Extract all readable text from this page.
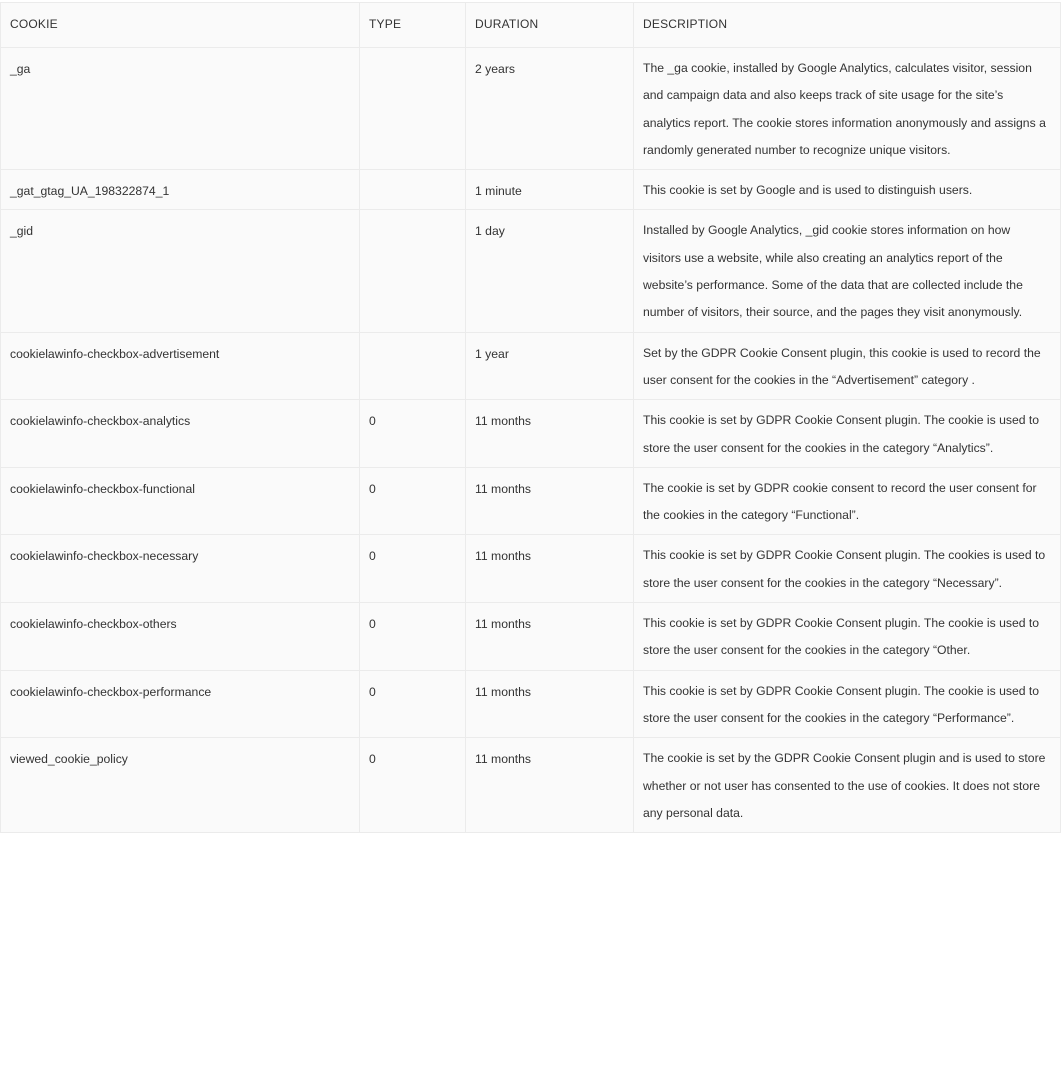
COOKIE	TYPE	DURATION	DESCRIPTION
_ga		2 years	The _ga cookie, installed by Google Analytics, calculates visitor, session and campaign data and also keeps track of site usage for the site’s analytics report. The cookie stores information anonymously and assigns a randomly generated number to recognize unique visitors.
_gat_gtag_UA_198322874_1		1 minute	This cookie is set by Google and is used to distinguish users.
_gid		1 day	Installed by Google Analytics, _gid cookie stores information on how visitors use a website, while also creating an analytics report of the website’s performance. Some of the data that are collected include the number of visitors, their source, and the pages they visit anonymously.
cookielawinfo-checkbox-advertisement		1 year	Set by the GDPR Cookie Consent plugin, this cookie is used to record the user consent for the cookies in the “Advertisement” category .
cookielawinfo-checkbox-analytics	0	11 months	This cookie is set by GDPR Cookie Consent plugin. The cookie is used to store the user consent for the cookies in the category “Analytics”.
cookielawinfo-checkbox-functional	0	11 months	The cookie is set by GDPR cookie consent to record the user consent for the cookies in the category “Functional”.
cookielawinfo-checkbox-necessary	0	11 months	This cookie is set by GDPR Cookie Consent plugin. The cookies is used to store the user consent for the cookies in the category “Necessary”.
cookielawinfo-checkbox-others	0	11 months	This cookie is set by GDPR Cookie Consent plugin. The cookie is used to store the user consent for the cookies in the category “Other.
cookielawinfo-checkbox-performance	0	11 months	This cookie is set by GDPR Cookie Consent plugin. The cookie is used to store the user consent for the cookies in the category “Performance”.
viewed_cookie_policy	0	11 months	The cookie is set by the GDPR Cookie Consent plugin and is used to store whether or not user has consented to the use of cookies. It does not store any personal data.
